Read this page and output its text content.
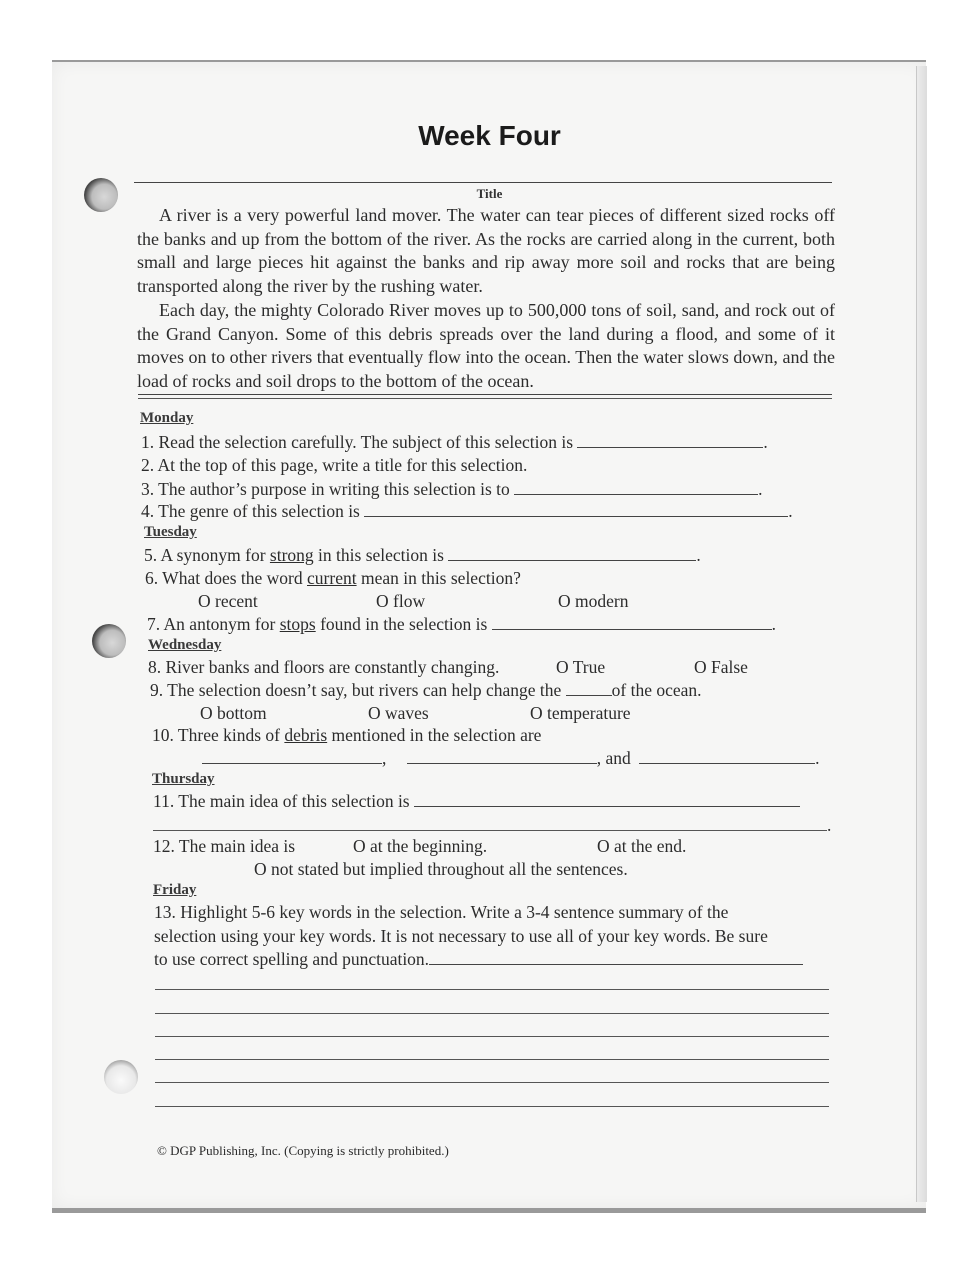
Week Four
Title

A river is a very powerful land mover. The water can tear pieces of different sized rocks off the banks and up from the bottom of the river. As the rocks are carried along in the current, both small and large pieces hit against the banks and rip away more soil and rocks that are being transported along the river by the rushing water.

Each day, the mighty Colorado River moves up to 500,000 tons of soil, sand, and rock out of the Grand Canyon. Some of this debris spreads over the land during a flood, and some of it moves on to other rivers that eventually flow into the ocean. Then the water slows down, and the load of rocks and soil drops to the bottom of the ocean.

Monday
1. Read the selection carefully. The subject of this selection is	.
2. At the top of this page, write a title for this selection.
3. The author’s purpose in writing this selection is to	.
4. The genre of this selection is	.
Tuesday
5. A synonym for strong in this selection is	.
6. What does the word current mean in this selection?
O recent	O flow	O modern
7. An antonym for stops found in the selection is	.
Wednesday
8. River banks and floors are constantly changing.	O True	O False
9. The selection doesn’t say, but rivers can help change the	of the ocean.
O bottom	O waves	O temperature
10. Three kinds of debris mentioned in the selection are
,	, and	.
Thursday
11. The main idea of this selection is
.
12. The main idea is	O at the beginning.	O at the end.
O not stated but implied throughout all the sentences.
Friday
13. Highlight 5-6 key words in the selection. Write a 3-4 sentence summary of the
selection using your key words. It is not necessary to use all of your key words. Be sure
to use correct spelling and punctuation.
© DGP Publishing, Inc. (Copying is strictly prohibited.)
